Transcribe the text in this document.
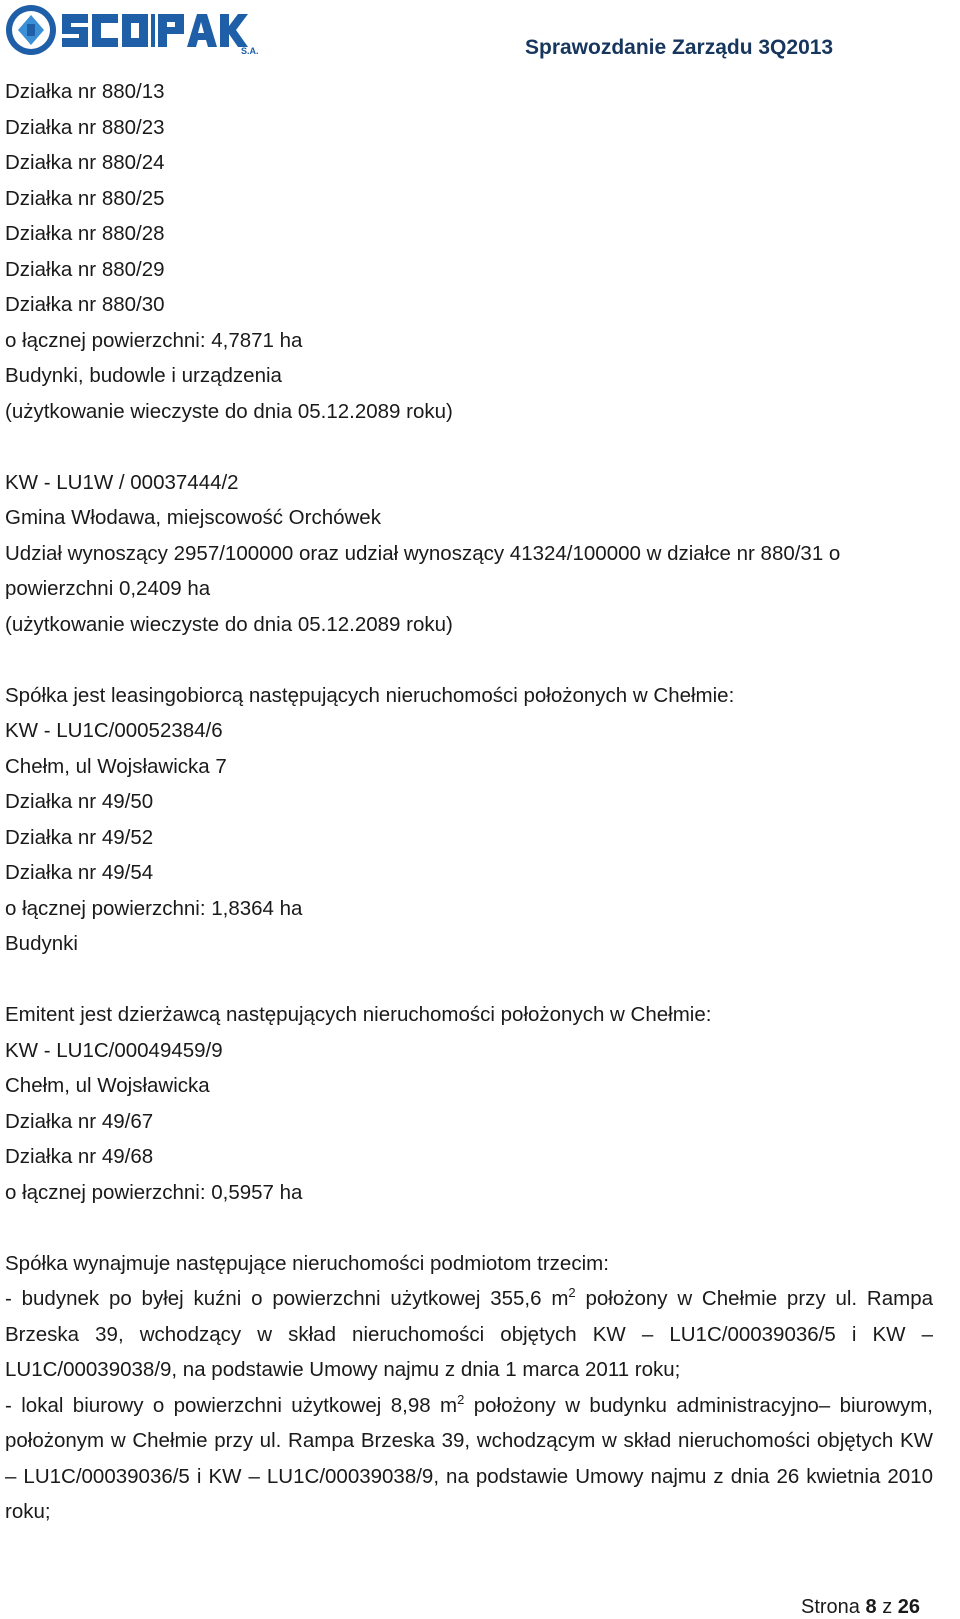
S.A.	Sprawozdanie Zarządu 3Q2013
Działka nr 880/13
Działka nr 880/23
Działka nr 880/24
Działka nr 880/25
Działka nr 880/28
Działka nr 880/29
Działka nr 880/30
o łącznej powierzchni: 4,7871 ha
Budynki, budowle i urządzenia
(użytkowanie wieczyste do dnia 05.12.2089 roku)
KW - LU1W / 00037444/2
Gmina Włodawa, miejscowość Orchówek
Udział wynoszący 2957/100000 oraz udział wynoszący 41324/100000 w działce nr 880/31 o
powierzchni 0,2409 ha
(użytkowanie wieczyste do dnia 05.12.2089 roku)
Spółka jest leasingobiorcą następujących nieruchomości położonych w Chełmie:
KW - LU1C/00052384/6
Chełm, ul Wojsławicka 7
Działka nr 49/50
Działka nr 49/52
Działka nr 49/54
o łącznej powierzchni: 1,8364 ha
Budynki
Emitent jest dzierżawcą następujących nieruchomości położonych w Chełmie:
KW - LU1C/00049459/9
Chełm, ul Wojsławicka
Działka nr 49/67
Działka nr 49/68
o łącznej powierzchni: 0,5957 ha
Spółka wynajmuje następujące nieruchomości podmiotom trzecim:
- budynek po byłej kuźni o powierzchni użytkowej 355,6 $m^2$ położony w Chełmie przy ul. Rampa Brzeska 39, wchodzący w skład nieruchomości objętych KW – LU1C/00039036/5 i KW – LU1C/00039038/9, na podstawie Umowy najmu z dnia 1 marca 2011 roku;
- lokal biurowy o powierzchni użytkowej 8,98 $m^2$ położony w budynku administracyjno– biurowym, położonym w Chełmie przy ul. Rampa Brzeska 39, wchodzącym w skład nieruchomości objętych KW – LU1C/00039036/5 i KW – LU1C/00039038/9, na podstawie Umowy najmu z dnia 26 kwietnia 2010 roku;
Strona 8 z 26
